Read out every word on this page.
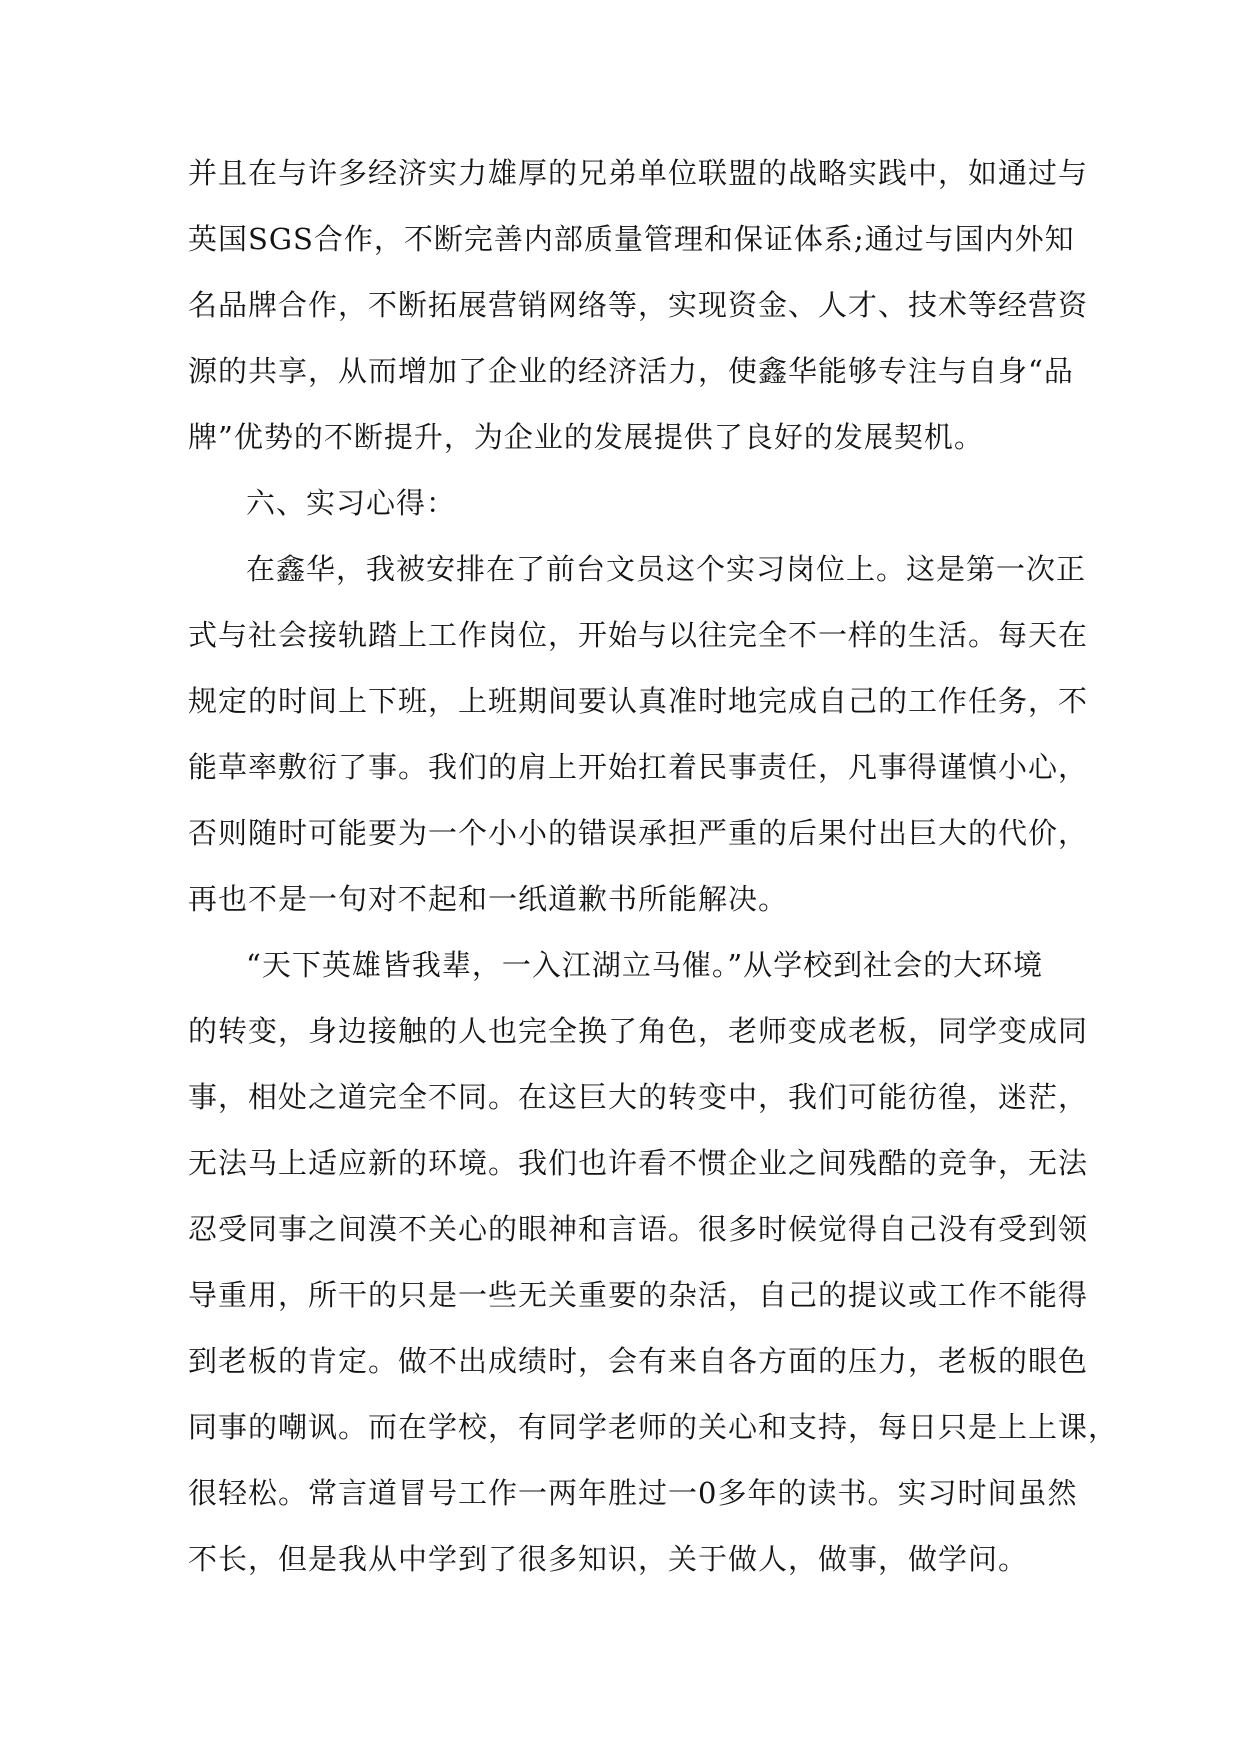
并且在与许多经济实力雄厚的兄弟单位联盟的战略实践中，如通过与
英国SGS合作，不断完善内部质量管理和保证体系;通过与国内外知
名品牌合作，不断拓展营销网络等，实现资金、人才、技术等经营资
源的共享，从而增加了企业的经济活力，使鑫华能够专注与自身“品
牌”优势的不断提升，为企业的发展提供了良好的发展契机。
六、实习心得：
在鑫华，我被安排在了前台文员这个实习岗位上。这是第一次正
式与社会接轨踏上工作岗位，开始与以往完全不一样的生活。每天在
规定的时间上下班，上班期间要认真准时地完成自己的工作任务，不
能草率敷衍了事。我们的肩上开始扛着民事责任，凡事得谨慎小心，
否则随时可能要为一个小小的错误承担严重的后果付出巨大的代价，
再也不是一句对不起和一纸道歉书所能解决。
“天下英雄皆我辈，一入江湖立马催。”从学校到社会的大环境
的转变，身边接触的人也完全换了角色，老师变成老板，同学变成同
事，相处之道完全不同。在这巨大的转变中，我们可能彷徨，迷茫，
无法马上适应新的环境。我们也许看不惯企业之间残酷的竞争，无法
忍受同事之间漠不关心的眼神和言语。很多时候觉得自己没有受到领
导重用，所干的只是一些无关重要的杂活，自己的提议或工作不能得
到老板的肯定。做不出成绩时，会有来自各方面的压力，老板的眼色
同事的嘲讽。而在学校，有同学老师的关心和支持，每日只是上上课，
很轻松。常言道冒号工作一两年胜过一0多年的读书。实习时间虽然
不长，但是我从中学到了很多知识，关于做人，做事，做学问。
